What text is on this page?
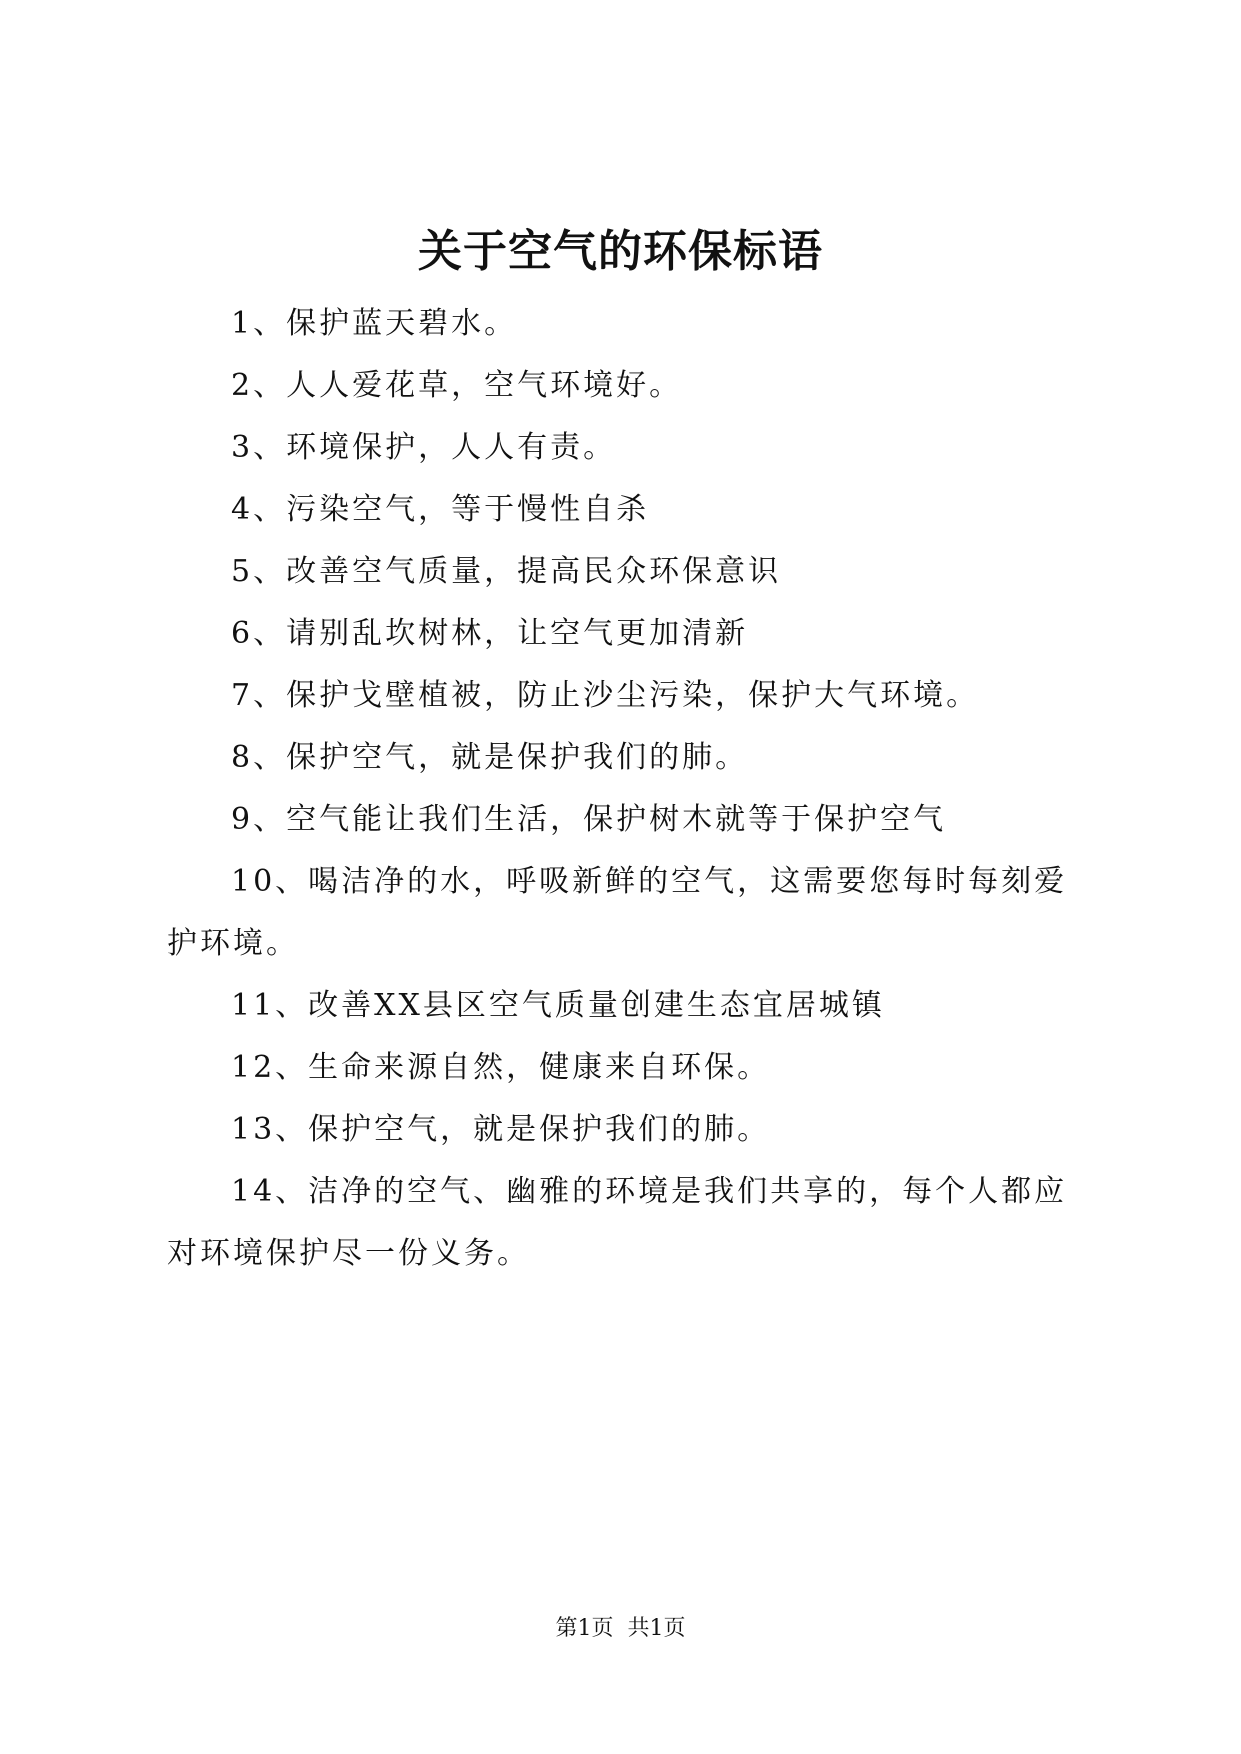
关于空气的环保标语

1、保护蓝天碧水。

2、人人爱花草，空气环境好。

3、环境保护，人人有责。

4、污染空气，等于慢性自杀

5、改善空气质量，提高民众环保意识

6、请别乱坎树林，让空气更加清新

7、保护戈壁植被，防止沙尘污染，保护大气环境。

8、保护空气，就是保护我们的肺。

9、空气能让我们生活，保护树木就等于保护空气

10、喝洁净的水，呼吸新鲜的空气，这需要您每时每刻爱护环境。

11、改善XX县区空气质量创建生态宜居城镇

12、生命来源自然，健康来自环保。

13、保护空气，就是保护我们的肺。

14、洁净的空气、幽雅的环境是我们共享的，每个人都应对环境保护尽一份义务。

第1页 共1页
